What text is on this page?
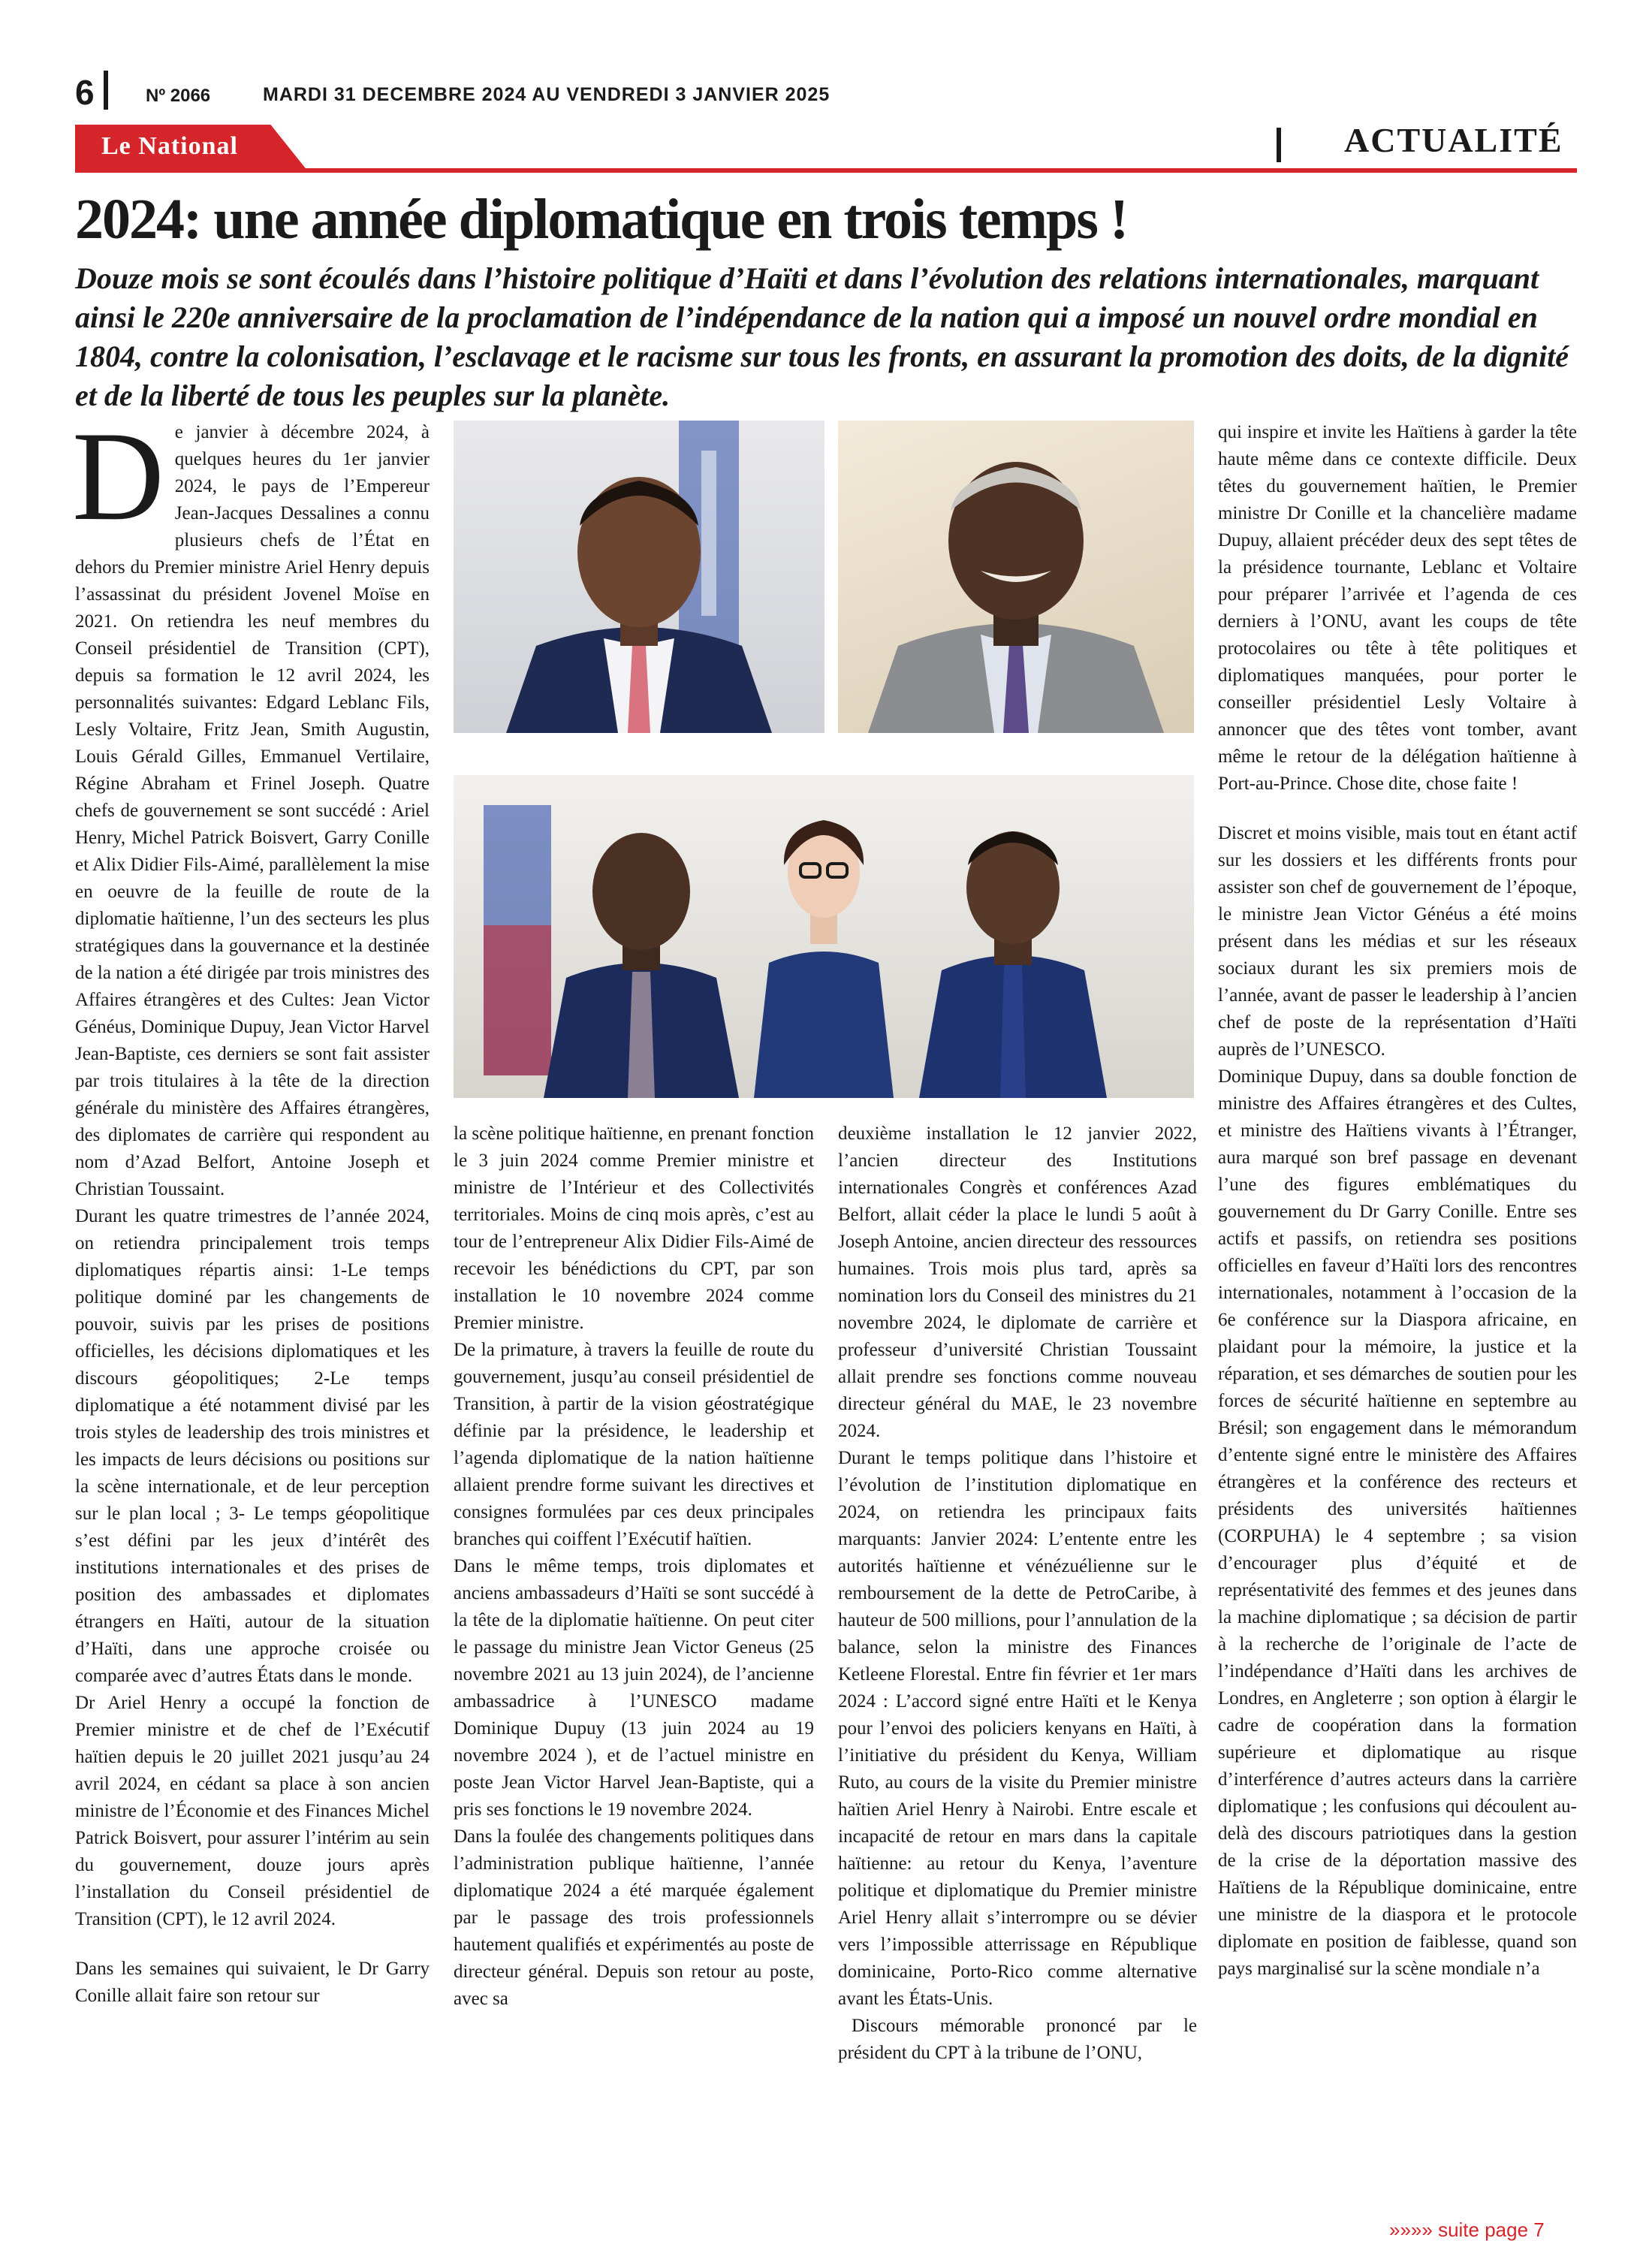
6	Nº 2066	MARDI 31 DECEMBRE 2024 AU VENDREDI 3 JANVIER 2025
Le National	ACTUALITÉ
2024: une année diplomatique en trois temps !
Douze mois se sont écoulés dans l’histoire politique d’Haïti et dans l’évolution des relations internationales, marquant ainsi le 220e anniversaire de la proclamation de l’indépendance de la nation qui a imposé un nouvel ordre mondial en 1804, contre la colonisation, l’esclavage et le racisme sur tous les fronts, en assurant la promotion des doits, de la dignité et de la liberté de tous les peuples sur la planète.
D e janvier à décembre 2024, à quelques heures du 1er janvier 2024, le pays de l’Empereur Jean-Jacques Dessalines a connu plusieurs chefs de l’État en dehors du Premier ministre Ariel Henry depuis l’assassinat du président Jovenel Moïse en 2021. On retiendra les neuf membres du Conseil présidentiel de Transition (CPT), depuis sa formation le 12 avril 2024, les personnalités suivantes: Edgard Leblanc Fils, Lesly Voltaire, Fritz Jean, Smith Augustin, Louis Gérald Gilles, Emmanuel Vertilaire, Régine Abraham et Frinel Joseph. Quatre chefs de gouvernement se sont succédé : Ariel Henry, Michel Patrick Boisvert, Garry Conille et Alix Didier Fils-Aimé, parallèlement la mise en oeuvre de la feuille de route de la diplomatie haïtienne, l’un des secteurs les plus stratégiques dans la gouvernance et la destinée de la nation a été dirigée par trois ministres des Affaires étrangères et des Cultes: Jean Victor Généus, Dominique Dupuy, Jean Victor Harvel Jean-Baptiste, ces derniers se sont fait assister par trois titulaires à la tête de la direction générale du ministère des Affaires étrangères, des diplomates de carrière qui respondent au nom d’Azad Belfort, Antoine Joseph et Christian Toussaint.

Durant les quatre trimestres de l’année 2024, on retiendra principalement trois temps diplomatiques répartis ainsi: 1-Le temps politique dominé par les changements de pouvoir, suivis par les prises de positions officielles, les décisions diplomatiques et les discours géopolitiques; 2-Le temps diplomatique a été notamment divisé par les trois styles de leadership des trois ministres et les impacts de leurs décisions ou positions sur la scène internationale, et de leur perception sur le plan local ; 3- Le temps géopolitique s’est défini par les jeux d’intérêt des institutions internationales et des prises de position des ambassades et diplomates étrangers en Haïti, autour de la situation d’Haïti, dans une approche croisée ou comparée avec d’autres États dans le monde.

Dr Ariel Henry a occupé la fonction de Premier ministre et de chef de l’Exécutif haïtien depuis le 20 juillet 2021 jusqu’au 24 avril 2024, en cédant sa place à son ancien ministre de l’Économie et des Finances Michel Patrick Boisvert, pour assurer l’intérim au sein du gouvernement, douze jours après l’installation du Conseil présidentiel de Transition (CPT), le 12 avril 2024.

Dans les semaines qui suivaient, le Dr Garry Conille allait faire son retour sur

la scène politique haïtienne, en prenant fonction le 3 juin 2024 comme Premier ministre et ministre de l’Intérieur et des Collectivités territoriales. Moins de cinq mois après, c’est au tour de l’entrepreneur Alix Didier Fils-Aimé de recevoir les bénédictions du CPT, par son installation le 10 novembre 2024 comme Premier ministre.

De la primature, à travers la feuille de route du gouvernement, jusqu’au conseil présidentiel de Transition, à partir de la vision géostratégique définie par la présidence, le leadership et l’agenda diplomatique de la nation haïtienne allaient prendre forme suivant les directives et consignes formulées par ces deux principales branches qui coiffent l’Exécutif haïtien.

Dans le même temps, trois diplomates et anciens ambassadeurs d’Haïti se sont succédé à la tête de la diplomatie haïtienne. On peut citer le passage du ministre Jean Victor Geneus (25 novembre 2021 au 13 juin 2024), de l’ancienne ambassadrice à l’UNESCO madame Dominique Dupuy (13 juin 2024 au 19 novembre 2024 ), et de l’actuel ministre en poste Jean Victor Harvel Jean-Baptiste, qui a pris ses fonctions le 19 novembre 2024.

Dans la foulée des changements politiques dans l’administration publique haïtienne, l’année diplomatique 2024 a été marquée également par le passage des trois professionnels hautement qualifiés et expérimentés au poste de directeur général. Depuis son retour au poste, avec sa

deuxième installation le 12 janvier 2022, l’ancien directeur des Institutions internationales Congrès et conférences Azad Belfort, allait céder la place le lundi 5 août à Joseph Antoine, ancien directeur des ressources humaines. Trois mois plus tard, après sa nomination lors du Conseil des ministres du 21 novembre 2024, le diplomate de carrière et professeur d’université Christian Toussaint allait prendre ses fonctions comme nouveau directeur général du MAE, le 23 novembre 2024.

Durant le temps politique dans l’histoire et l’évolution de l’institution diplomatique en 2024, on retiendra les principaux faits marquants: Janvier 2024: L’entente entre les autorités haïtienne et vénézuélienne sur le remboursement de la dette de PetroCaribe, à hauteur de 500 millions, pour l’annulation de la balance, selon la ministre des Finances Ketleene Florestal. Entre fin février et 1er mars 2024 : L’accord signé entre Haïti et le Kenya pour l’envoi des policiers kenyans en Haïti, à l’initiative du président du Kenya, William Ruto, au cours de la visite du Premier ministre haïtien Ariel Henry à Nairobi. Entre escale et incapacité de retour en mars dans la capitale haïtienne: au retour du Kenya, l’aventure politique et diplomatique du Premier ministre Ariel Henry allait s’interrompre ou se dévier vers l’impossible atterrissage en République dominicaine, Porto-Rico comme alternative avant les États-Unis.

Discours mémorable prononcé par le président du CPT à la tribune de l’ONU,

qui inspire et invite les Haïtiens à garder la tête haute même dans ce contexte difficile. Deux têtes du gouvernement haïtien, le Premier ministre Dr Conille et la chancelière madame Dupuy, allaient précéder deux des sept têtes de la présidence tournante, Leblanc et Voltaire pour préparer l’arrivée et l’agenda de ces derniers à l’ONU, avant les coups de tête protocolaires ou tête à tête politiques et diplomatiques manquées, pour porter le conseiller présidentiel Lesly Voltaire à annoncer que des têtes vont tomber, avant même le retour de la délégation haïtienne à Port-au-Prince. Chose dite, chose faite !

Discret et moins visible, mais tout en étant actif sur les dossiers et les différents fronts pour assister son chef de gouvernement de l’époque, le ministre Jean Victor Généus a été moins présent dans les médias et sur les réseaux sociaux durant les six premiers mois de l’année, avant de passer le leadership à l’ancien chef de poste de la représentation d’Haïti auprès de l’UNESCO.

Dominique Dupuy, dans sa double fonction de ministre des Affaires étrangères et des Cultes, et ministre des Haïtiens vivants à l’Étranger, aura marqué son bref passage en devenant l’une des figures emblématiques du gouvernement du Dr Garry Conille. Entre ses actifs et passifs, on retiendra ses positions officielles en faveur d’Haïti lors des rencontres internationales, notamment à l’occasion de la 6e conférence sur la Diaspora africaine, en plaidant pour la mémoire, la justice et la réparation, et ses démarches de soutien pour les forces de sécurité haïtienne en septembre au Brésil; son engagement dans le mémorandum d’entente signé entre le ministère des Affaires étrangères et la conférence des recteurs et présidents des universités haïtiennes (CORPUHA) le 4 septembre ; sa vision d’encourager plus d’équité et de représentativité des femmes et des jeunes dans la machine diplomatique ; sa décision de partir à la recherche de l’originale de l’acte de l’indépendance d’Haïti dans les archives de Londres, en Angleterre ; son option à élargir le cadre de coopération dans la formation supérieure et diplomatique au risque d’interférence d’autres acteurs dans la carrière diplomatique ; les confusions qui découlent au-delà des discours patriotiques dans la gestion de la crise de la déportation massive des Haïtiens de la République dominicaine, entre une ministre de la diaspora et le protocole diplomate en position de faiblesse, quand son pays marginalisé sur la scène mondiale n’a

»»»» suite page 7
